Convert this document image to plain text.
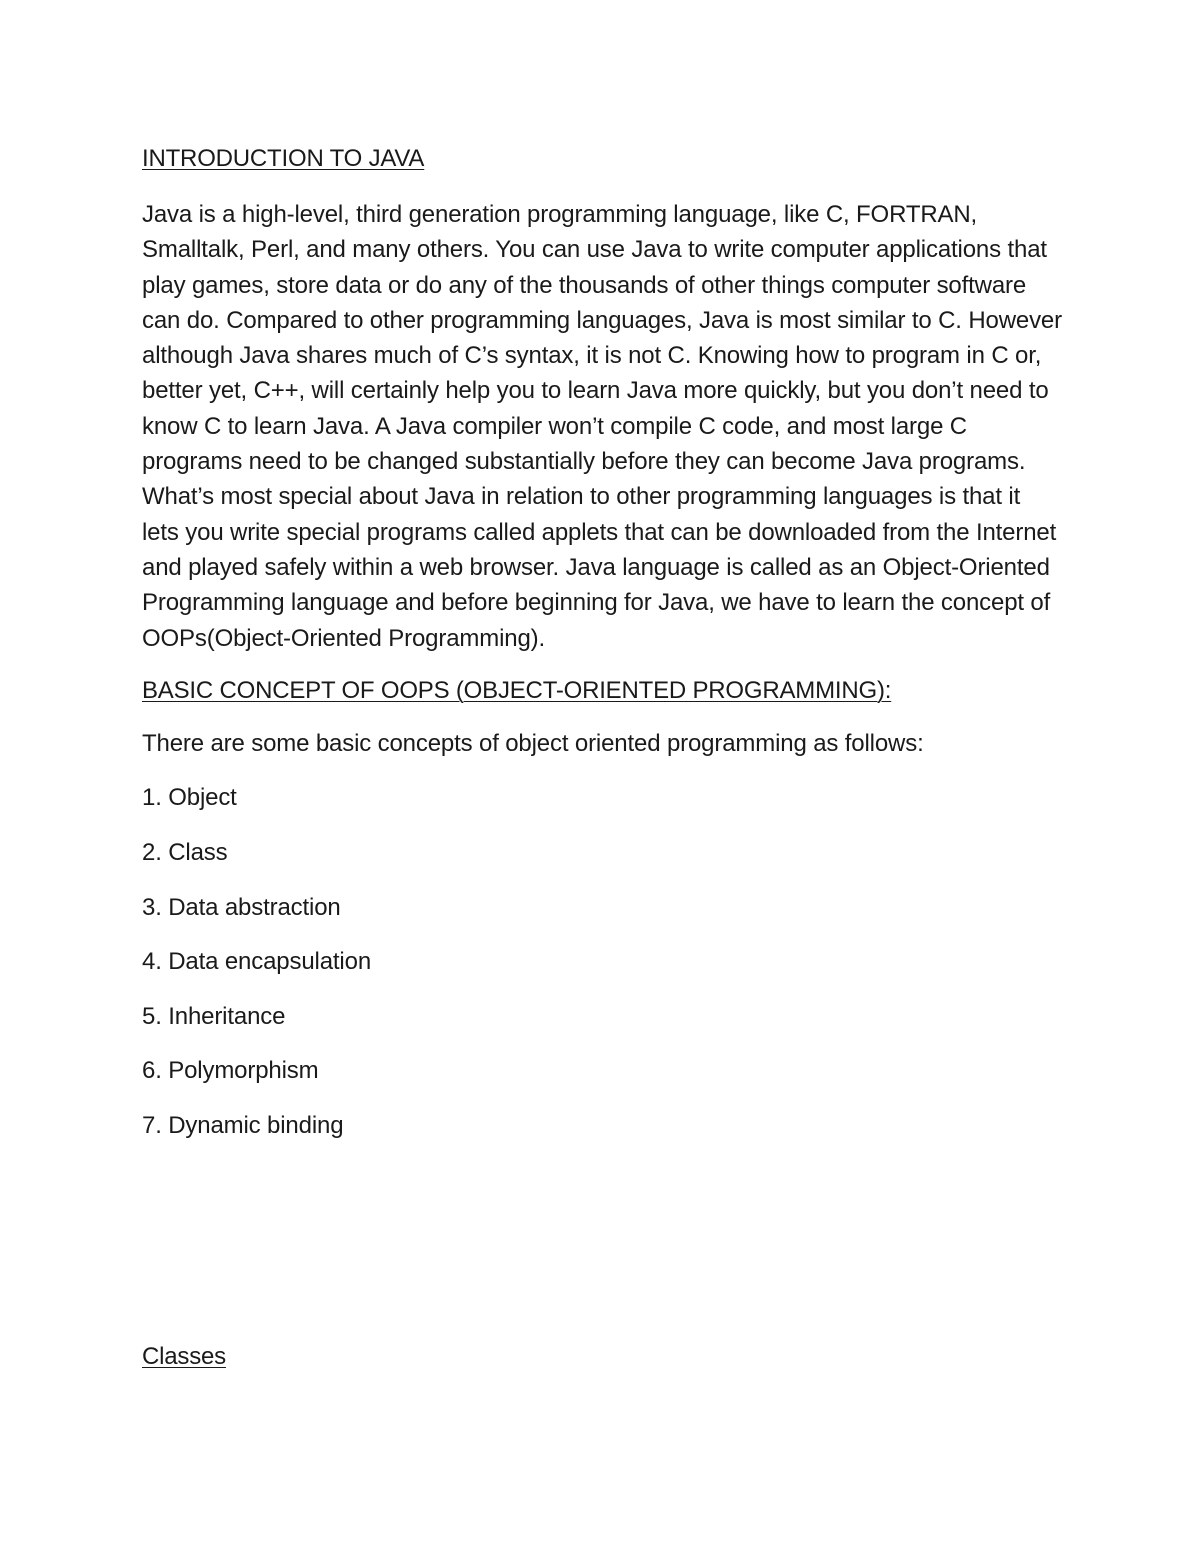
INTRODUCTION TO JAVA

Java is a high-level, third generation programming language, like C, FORTRAN, Smalltalk, Perl, and many others. You can use Java to write computer applications that play games, store data or do any of the thousands of other things computer software can do. Compared to other programming languages, Java is most similar to C. However although Java shares much of C’s syntax, it is not C. Knowing how to program in C or, better yet, C++, will certainly help you to learn Java more quickly, but you don’t need to know C to learn Java. A Java compiler won’t compile C code, and most large C programs need to be changed substantially before they can become Java programs. What’s most special about Java in relation to other programming languages is that it lets you write special programs called applets that can be downloaded from the Internet and played safely within a web browser. Java language is called as an Object-Oriented Programming language and before beginning for Java, we have to learn the concept of OOPs(Object-Oriented Programming).

BASIC CONCEPT OF OOPS (OBJECT-ORIENTED PROGRAMMING):

There are some basic concepts of object oriented programming as follows:

1. Object
2. Class
3. Data abstraction
4. Data encapsulation
5. Inheritance
6. Polymorphism
7. Dynamic binding

Classes
